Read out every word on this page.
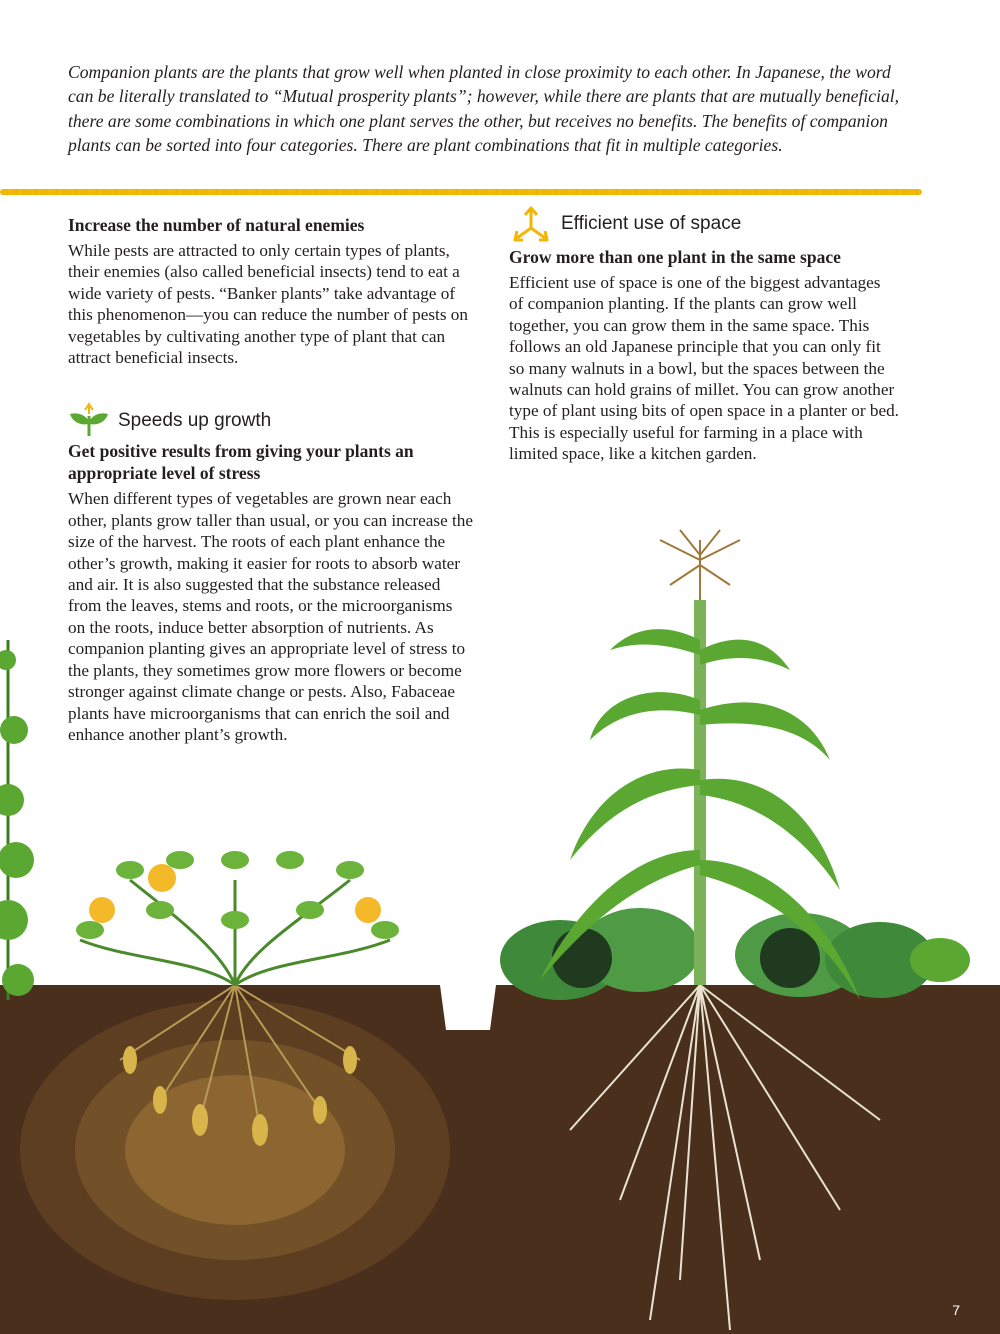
Companion plants are the plants that grow well when planted in close proximity to each other. In Japanese, the word can be literally translated to “Mutual prosperity plants”; however, while there are plants that are mutually beneficial, there are some combinations in which one plant serves the other, but receives no benefits. The benefits of companion plants can be sorted into four categories. There are plant combinations that fit in multiple categories.

Increase the number of natural enemies

While pests are attracted to only certain types of plants, their enemies (also called beneficial insects) tend to eat a wide variety of pests. “Banker plants” take advantage of this phenomenon—you can reduce the number of pests on vegetables by cultivating another type of plant that can attract beneficial insects.

Speeds up growth
Get positive results from giving your plants an appropriate level of stress

When different types of vegetables are grown near each other, plants grow taller than usual, or you can increase the size of the harvest. The roots of each plant enhance the other’s growth, making it easier for roots to absorb water and air. It is also suggested that the substance released from the leaves, stems and roots, or the microorganisms on the roots, induce better absorption of nutrients. As companion planting gives an appropriate level of stress to the plants, they sometimes grow more flowers or become stronger against climate change or pests. Also, Fabaceae plants have microorganisms that can enrich the soil and enhance another plant’s growth.

Efficient use of space
Grow more than one plant in the same space

Efficient use of space is one of the biggest advantages of companion planting. If the plants can grow well together, you can grow them in the same space. This follows an old Japanese principle that you can only fit so many walnuts in a bowl, but the spaces between the walnuts can hold grains of millet. You can grow another type of plant using bits of open space in a planter or bed. This is especially useful for farming in a place with limited space, like a kitchen garden.

7
